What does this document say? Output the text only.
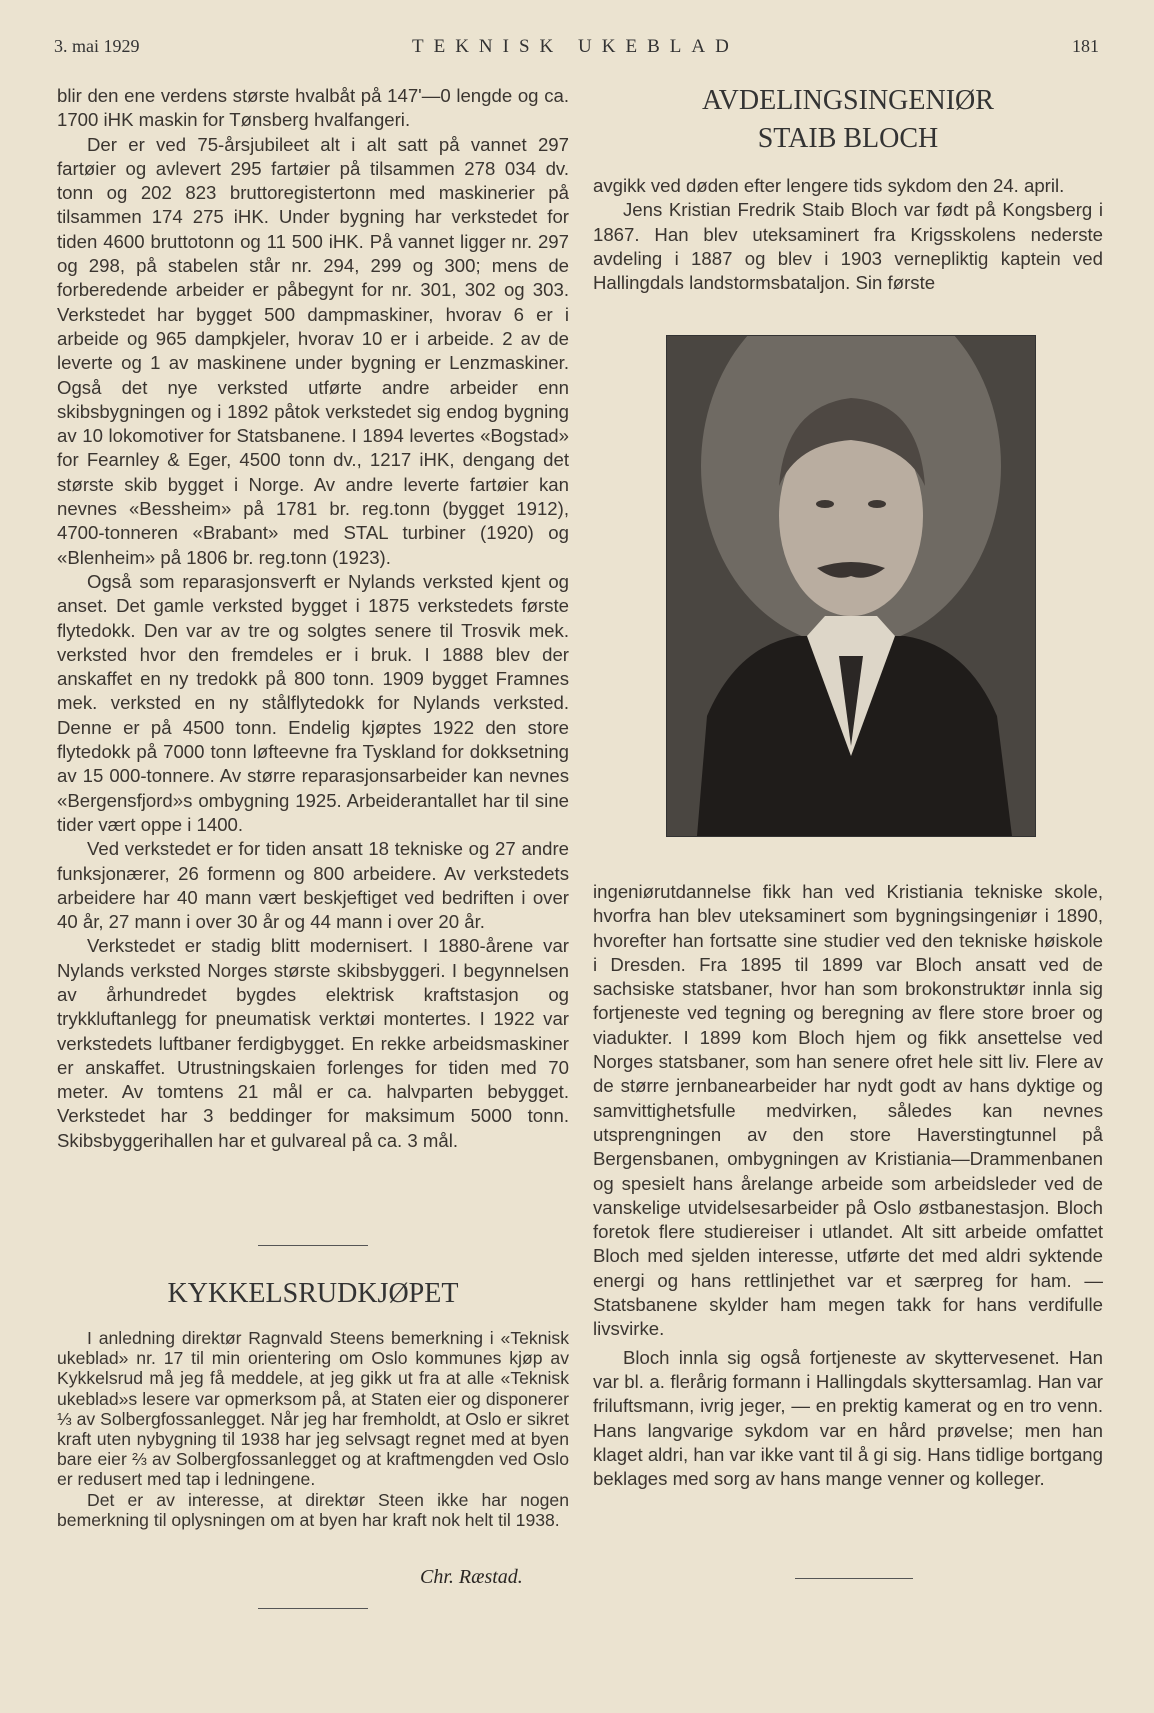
3. mai 1929	TEKNISK UKEBLAD	181

blir den ene verdens største hvalbåt på 147'—0 lengde og ca. 1700 iHK maskin for Tønsberg hvalfangeri.

Der er ved 75-årsjubileet alt i alt satt på vannet 297 fartøier og avlevert 295 fartøier på tilsammen 278 034 dv. tonn og 202 823 bruttoregistertonn med maskinerier på tilsammen 174 275 iHK. Under bygning har verkstedet for tiden 4600 bruttotonn og 11 500 iHK. På vannet ligger nr. 297 og 298, på stabelen står nr. 294, 299 og 300; mens de forberedende arbeider er påbegynt for nr. 301, 302 og 303. Verkstedet har bygget 500 dampmaskiner, hvorav 6 er i arbeide og 965 dampkjeler, hvorav 10 er i arbeide. 2 av de leverte og 1 av maskinene under bygning er Lenzmaskiner. Også det nye verksted utførte andre arbeider enn skibsbygningen og i 1892 påtok verkstedet sig endog bygning av 10 lokomotiver for Statsbanene. I 1894 levertes «Bogstad» for Fearnley & Eger, 4500 tonn dv., 1217 iHK, dengang det største skib bygget i Norge. Av andre leverte fartøier kan nevnes «Bessheim» på 1781 br. reg.tonn (bygget 1912), 4700-tonneren «Brabant» med STAL turbiner (1920) og «Blenheim» på 1806 br. reg.tonn (1923).

Også som reparasjonsverft er Nylands verksted kjent og anset. Det gamle verksted bygget i 1875 verkstedets første flytedokk. Den var av tre og solgtes senere til Trosvik mek. verksted hvor den fremdeles er i bruk. I 1888 blev der anskaffet en ny tredokk på 800 tonn. 1909 bygget Framnes mek. verksted en ny stålflytedokk for Nylands verksted. Denne er på 4500 tonn. Endelig kjøptes 1922 den store flytedokk på 7000 tonn løfteevne fra Tyskland for dokksetning av 15 000-tonnere. Av større reparasjonsarbeider kan nevnes «Bergensfjord»s ombygning 1925. Arbeiderantallet har til sine tider vært oppe i 1400.

Ved verkstedet er for tiden ansatt 18 tekniske og 27 andre funksjonærer, 26 formenn og 800 arbeidere. Av verkstedets arbeidere har 40 mann vært beskjeftiget ved bedriften i over 40 år, 27 mann i over 30 år og 44 mann i over 20 år.

Verkstedet er stadig blitt modernisert. I 1880-årene var Nylands verksted Norges største skibsbyggeri. I begynnelsen av århundredet bygdes elektrisk kraftstasjon og trykkluftanlegg for pneumatisk verktøi montertes. I 1922 var verkstedets luftbaner ferdigbygget. En rekke arbeidsmaskiner er anskaffet. Utrustningskaien forlenges for tiden med 70 meter. Av tomtens 21 mål er ca. halvparten bebygget. Verkstedet har 3 beddinger for maksimum 5000 tonn. Skibsbyggerihallen har et gulvareal på ca. 3 mål.

KYKKELSRUDKJØPET

I anledning direktør Ragnvald Steens bemerkning i «Teknisk ukeblad» nr. 17 til min orientering om Oslo kommunes kjøp av Kykkelsrud må jeg få meddele, at jeg gikk ut fra at alle «Teknisk ukeblad»s lesere var opmerksom på, at Staten eier og disponerer ⅓ av Solbergfossanlegget. Når jeg har fremholdt, at Oslo er sikret kraft uten nybygning til 1938 har jeg selvsagt regnet med at byen bare eier ⅔ av Solbergfossanlegget og at kraftmengden ved Oslo er redusert med tap i ledningene.

Det er av interesse, at direktør Steen ikke har nogen bemerkning til oplysningen om at byen har kraft nok helt til 1938.

Chr. Ræstad.
AVDELINGSINGENIØR
STAIB BLOCH

avgikk ved døden efter lengere tids sykdom den 24. april.

Jens Kristian Fredrik Staib Bloch var født på Kongsberg i 1867. Han blev uteksaminert fra Krigsskolens nederste avdeling i 1887 og blev i 1903 vernepliktig kaptein ved Hallingdals landstormsbataljon. Sin første

ingeniørutdannelse fikk han ved Kristiania tekniske skole, hvorfra han blev uteksaminert som bygningsingeniør i 1890, hvorefter han fortsatte sine studier ved den tekniske høiskole i Dresden. Fra 1895 til 1899 var Bloch ansatt ved de sachsiske statsbaner, hvor han som brokonstruktør innla sig fortjeneste ved tegning og beregning av flere store broer og viadukter. I 1899 kom Bloch hjem og fikk ansettelse ved Norges statsbaner, som han senere ofret hele sitt liv. Flere av de større jernbanearbeider har nydt godt av hans dyktige og samvittighetsfulle medvirken, således kan nevnes utsprengningen av den store Haverstingtunnel på Bergensbanen, ombygningen av Kristiania—Drammenbanen og spesielt hans årelange arbeide som arbeidsleder ved de vanskelige utvidelsesarbeider på Oslo østbanestasjon. Bloch foretok flere studiereiser i utlandet. Alt sitt arbeide omfattet Bloch med sjelden interesse, utførte det med aldri syktende energi og hans rettlinjethet var et særpreg for ham. — Statsbanene skylder ham megen takk for hans verdifulle livsvirke.

Bloch innla sig også fortjeneste av skyttervesenet. Han var bl. a. flerårig formann i Hallingdals skyttersamlag. Han var friluftsmann, ivrig jeger, — en prektig kamerat og en tro venn. Hans langvarige sykdom var en hård prøvelse; men han klaget aldri, han var ikke vant til å gi sig. Hans tidlige bortgang beklages med sorg av hans mange venner og kolleger.
